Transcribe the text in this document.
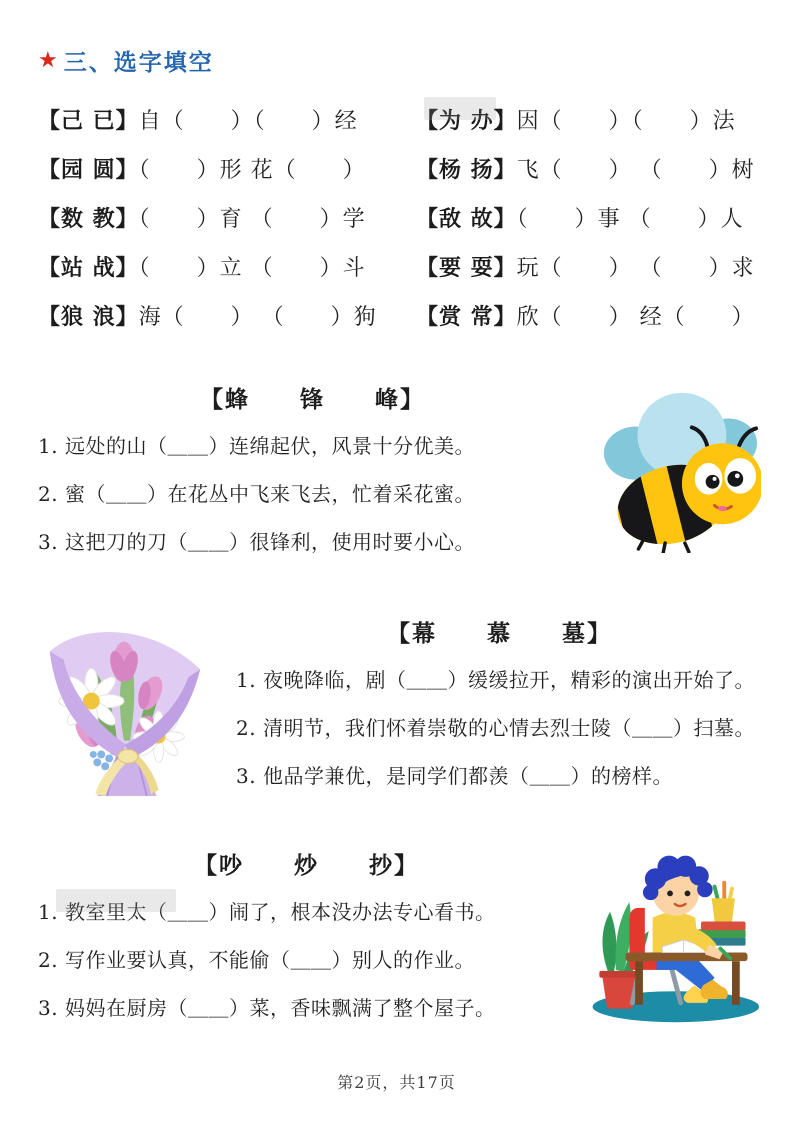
★ 三、选字填空
【己 已】自（　　）（　　）经	【为 办】因（　　）（　　）法
【园 圆】（　　）形 花（　　）	【杨 扬】飞（　　） （　　）树
【数 教】（　　）育 （　　）学	【敌 故】（　　）事 （　　）人
【站 战】（　　）立 （　　）斗	【要 耍】玩（　　） （　　）求
【狼 浪】海（　　） （　　）狗	【赏 常】欣（　　） 经（　　）
【蜂　　锋　　峰】
1. 远处的山（＿＿）连绵起伏，风景十分优美。
2. 蜜（＿＿）在花丛中飞来飞去，忙着采花蜜。
3. 这把刀的刀（＿＿）很锋利，使用时要小心。
【幕　　慕　　墓】
1. 夜晚降临，剧（＿＿）缓缓拉开，精彩的演出开始了。
2. 清明节，我们怀着崇敬的心情去烈士陵（＿＿）扫墓。
3. 他品学兼优，是同学们都羡（＿＿）的榜样。
【吵　　炒　　抄】
1. 教室里太（＿＿）闹了，根本没办法专心看书。
2. 写作业要认真，不能偷（＿＿）别人的作业。
3. 妈妈在厨房（＿＿）菜，香味飘满了整个屋子。
第2页，共17页
